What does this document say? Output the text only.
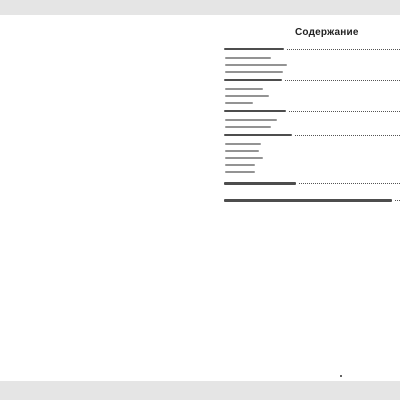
Содержание
